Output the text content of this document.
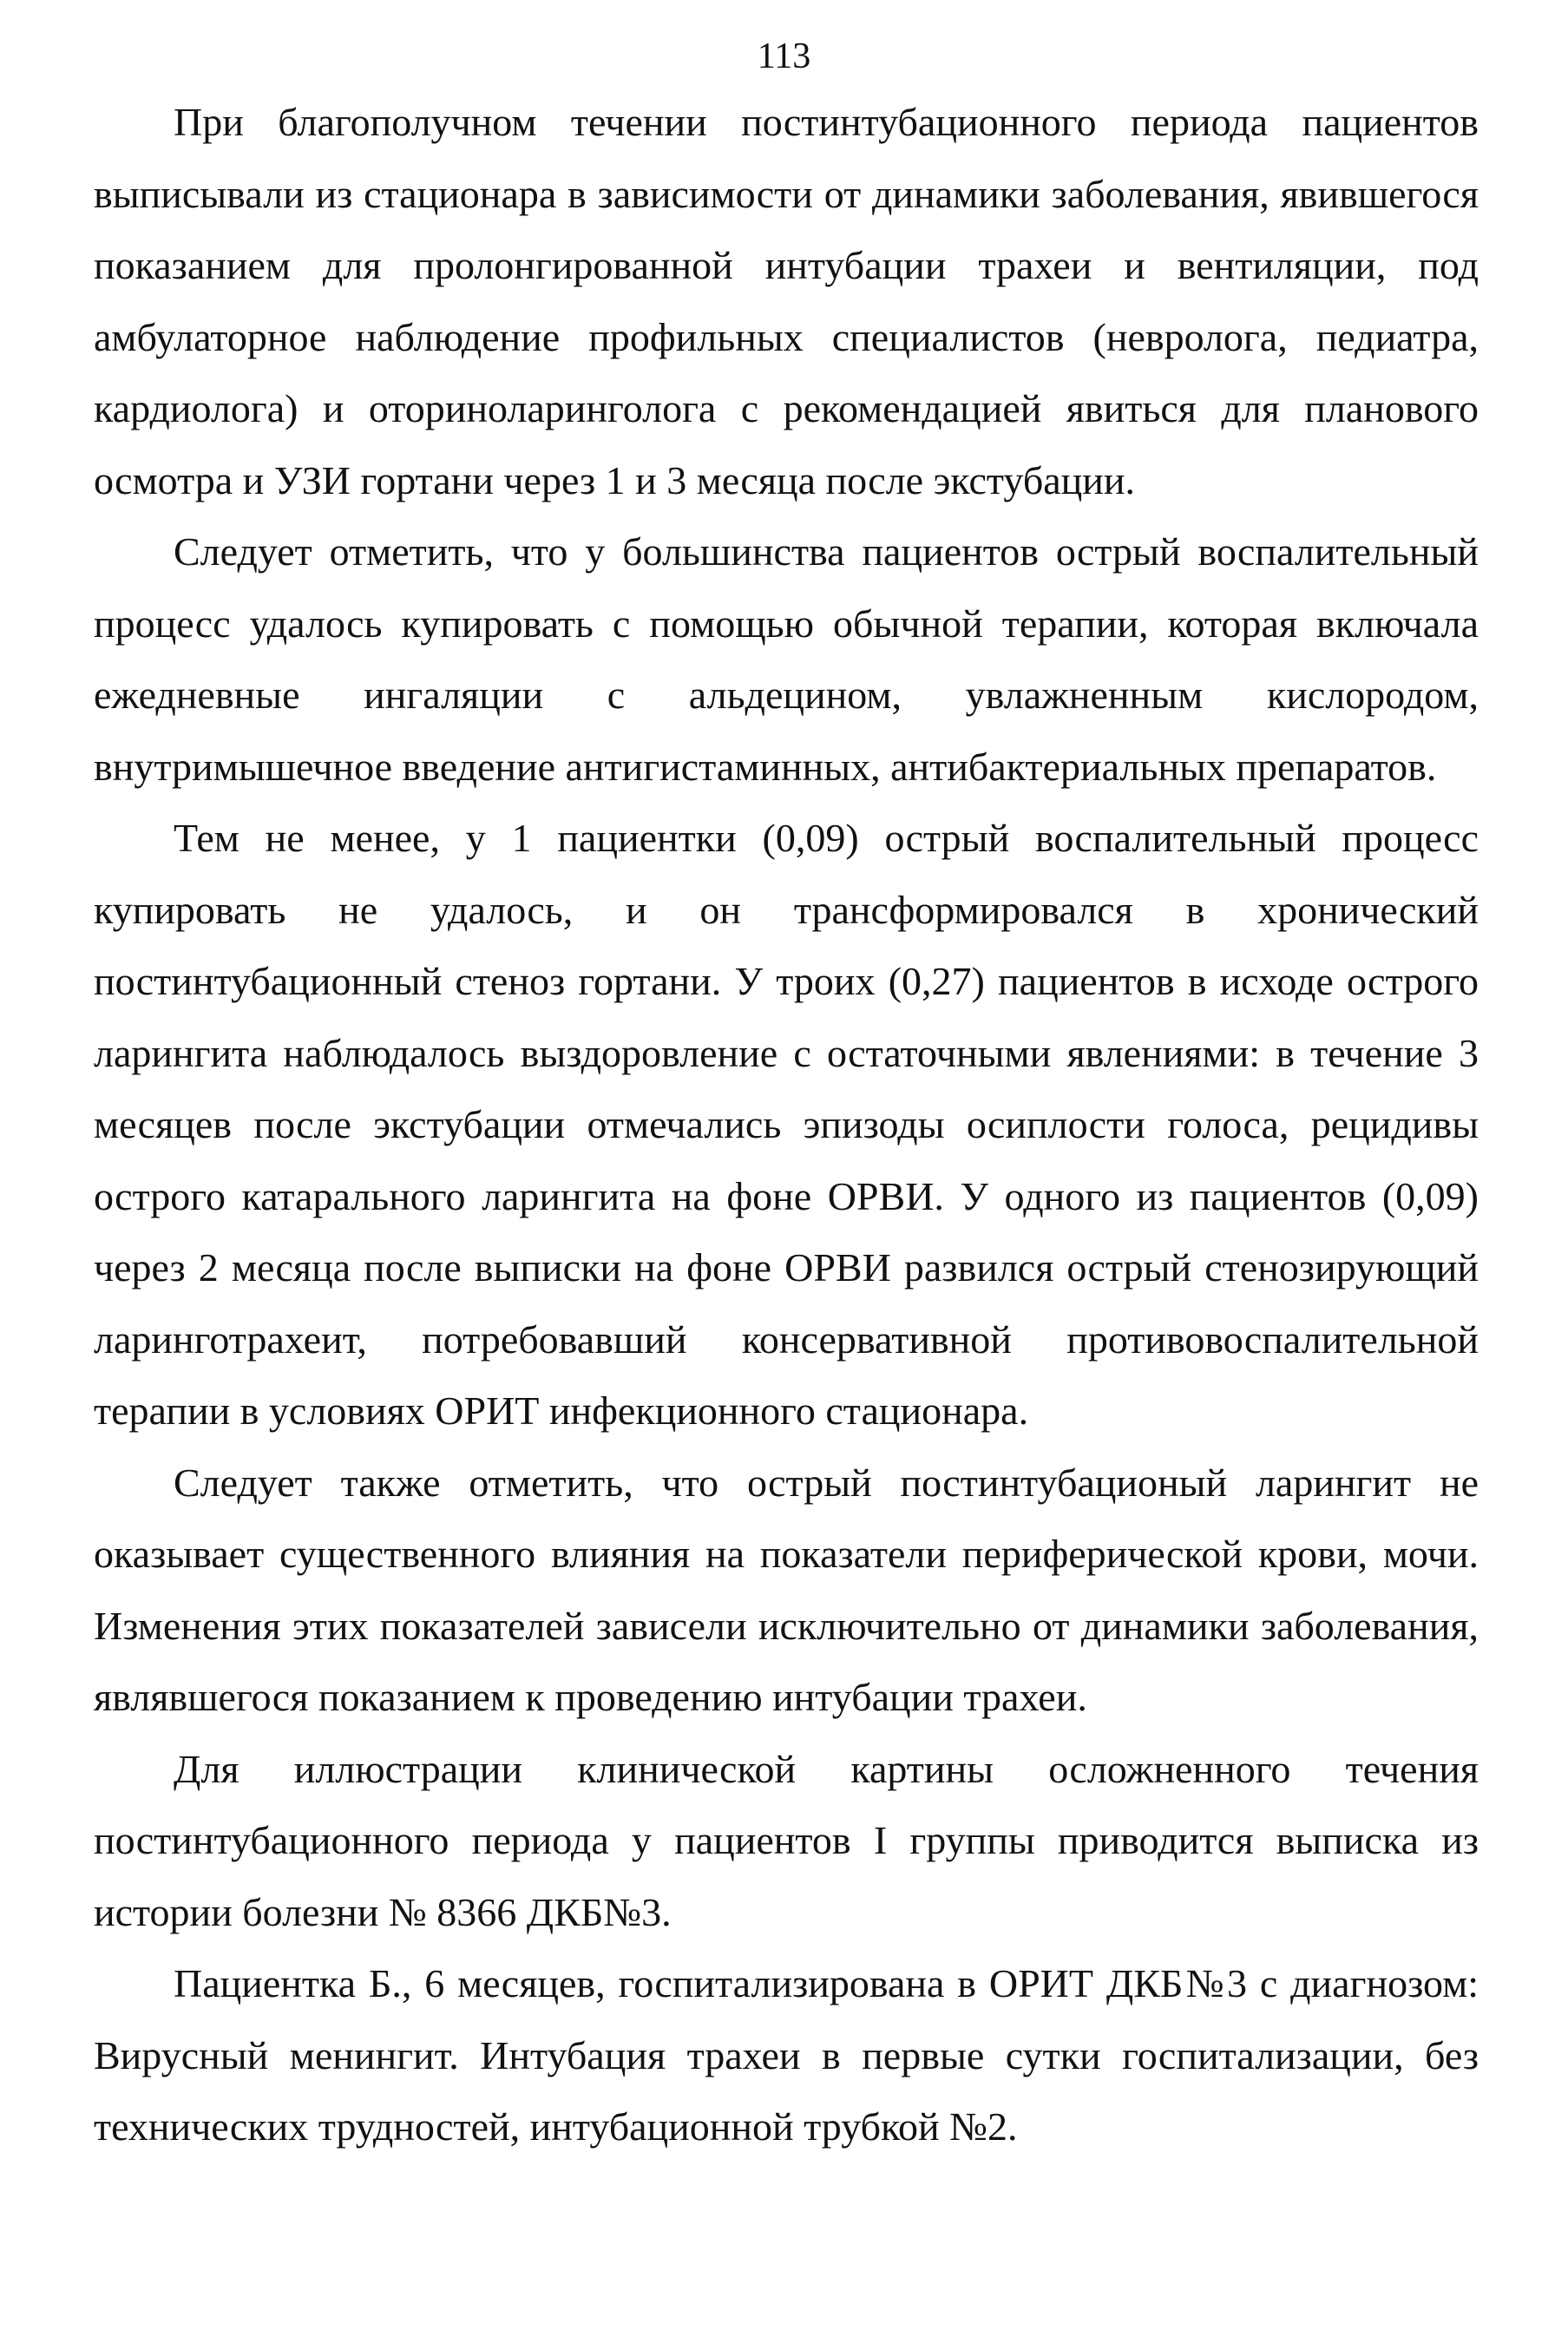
113

При благополучном течении постинтубационного периода пациентов выписывали из стационара в зависимости от динамики заболевания, явившегося показанием для пролонгированной интубации трахеи и вентиляции, под амбулаторное наблюдение профильных специалистов (невролога, педиатра, кардиолога) и оториноларинголога с рекомендацией явиться для планового осмотра и УЗИ гортани через 1 и 3 месяца после экстубации.

Следует отметить, что у большинства пациентов острый воспалительный процесс удалось купировать с помощью обычной терапии, которая включала ежедневные ингаляции с альдецином, увлажненным кислородом, внутримышечное введение антигистаминных, антибактериальных препаратов.

Тем не менее, у 1 пациентки (0,09) острый воспалительный процесс купировать не удалось, и он трансформировался в хронический постинтубационный стеноз гортани. У троих (0,27) пациентов в исходе острого ларингита наблюдалось выздоровление с остаточными явлениями: в течение 3 месяцев после экстубации отмечались эпизоды осиплости голоса, рецидивы острого катарального ларингита на фоне ОРВИ. У одного из пациентов (0,09) через 2 месяца после выписки на фоне ОРВИ развился острый стенозирующий ларинготрахеит, потребовавший консервативной противовоспалительной терапии в условиях ОРИТ инфекционного стационара.

Следует также отметить, что острый постинтубационый ларингит не оказывает существенного влияния на показатели периферической крови, мочи. Изменения этих показателей зависели исключительно от динамики заболевания, являвшегося показанием к проведению интубации трахеи.

Для иллюстрации клинической картины осложненного течения постинтубационного периода у пациентов I группы приводится выписка из истории болезни № 8366 ДКБ№3.

Пациентка Б., 6 месяцев, госпитализирована в ОРИТ ДКБ№3 с диагнозом: Вирусный менингит. Интубация трахеи в первые сутки госпитализации, без технических трудностей, интубационной трубкой №2.
